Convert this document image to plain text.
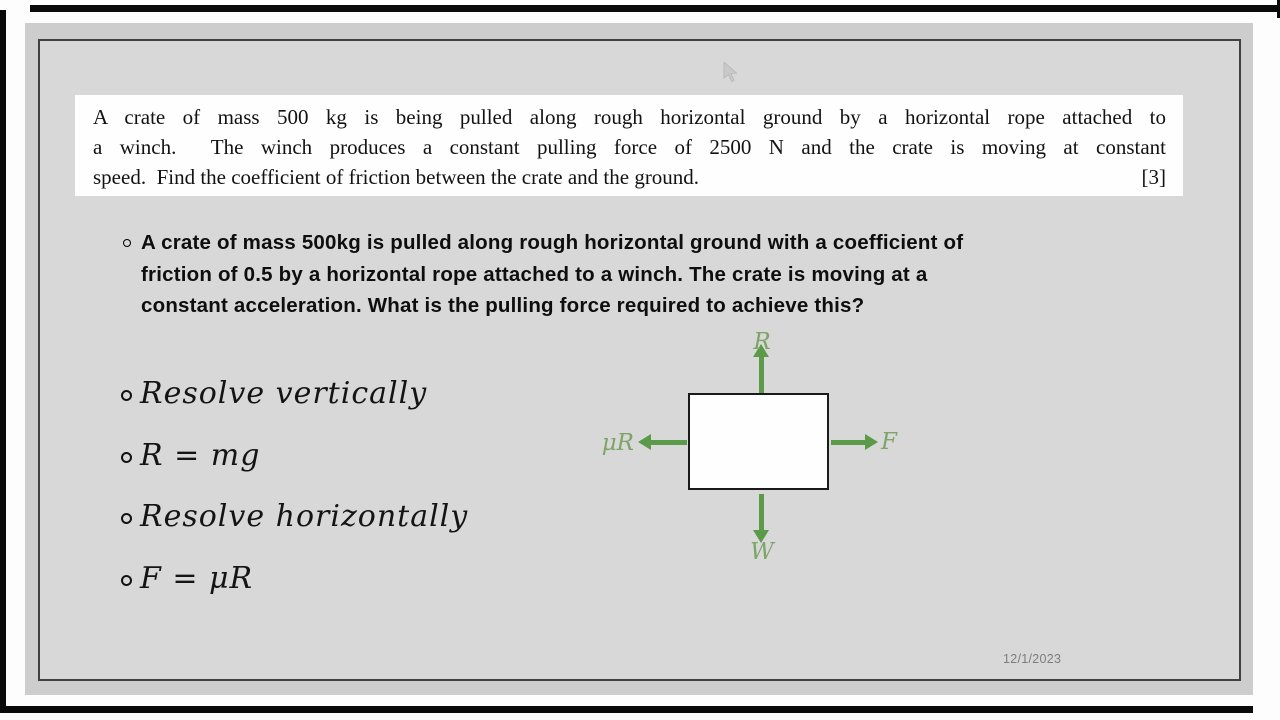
A crate of mass 500 kg is being pulled along rough horizontal ground by a horizontal rope attached to
a winch.  The winch produces a constant pulling force of 2500 N and the crate is moving at constant
speed.  Find the coefficient of friction between the crate and the ground.	[3]
A crate of mass 500kg is pulled along rough horizontal ground with a coefficient of
friction of 0.5 by a horizontal rope attached to a winch. The crate is moving at a
constant acceleration. What is the pulling force required to achieve this?
Resolve vertically
R = mg
Resolve horizontally
F = μR
R
W
μR	F
12/1/2023
